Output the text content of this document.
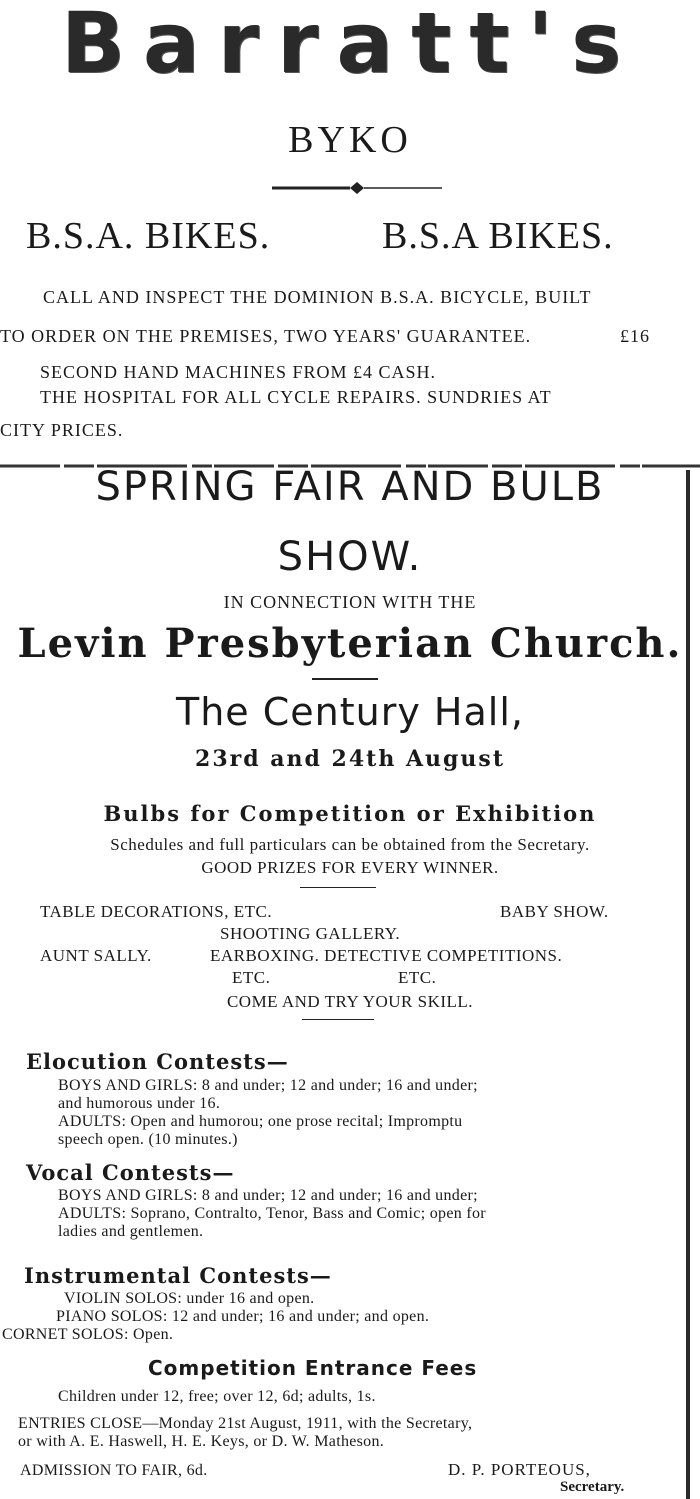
Barratt's
BYKO
B.S.A. BIKES.	B.S.A BIKES.
CALL AND INSPECT THE DOMINION B.S.A. BICYCLE, BUILT
TO ORDER ON THE PREMISES, TWO YEARS' GUARANTEE.	£16
SECOND HAND MACHINES FROM £4 CASH.
THE HOSPITAL FOR ALL CYCLE REPAIRS. SUNDRIES AT
CITY PRICES.
SPRING FAIR AND BULB
SHOW.
IN CONNECTION WITH THE
Levin Presbyterian Church.
The Century Hall,
23rd and 24th August
Bulbs for Competition or Exhibition
Schedules and full particulars can be obtained from the Secretary.
GOOD PRIZES FOR EVERY WINNER.
TABLE DECORATIONS, ETC.	BABY SHOW.
SHOOTING GALLERY.
AUNT SALLY.	EARBOXING. DETECTIVE COMPETITIONS.
ETC.	ETC.
COME AND TRY YOUR SKILL.
Elocution Contests—
BOYS AND GIRLS: 8 and under; 12 and under; 16 and under;
and humorous under 16.
ADULTS: Open and humorou; one prose recital; Impromptu
speech open. (10 minutes.)
Vocal Contests—
BOYS AND GIRLS: 8 and under; 12 and under; 16 and under;
ADULTS: Soprano, Contralto, Tenor, Bass and Comic; open for
ladies and gentlemen.
Instrumental Contests—
VIOLIN SOLOS: under 16 and open.
PIANO SOLOS: 12 and under; 16 and under; and open.
CORNET SOLOS: Open.
Competition Entrance Fees
Children under 12, free; over 12, 6d; adults, 1s.
ENTRIES CLOSE—Monday 21st August, 1911, with the Secretary,
or with A. E. Haswell, H. E. Keys, or D. W. Matheson.
ADMISSION TO FAIR, 6d.	D. P. PORTEOUS,
Secretary.
